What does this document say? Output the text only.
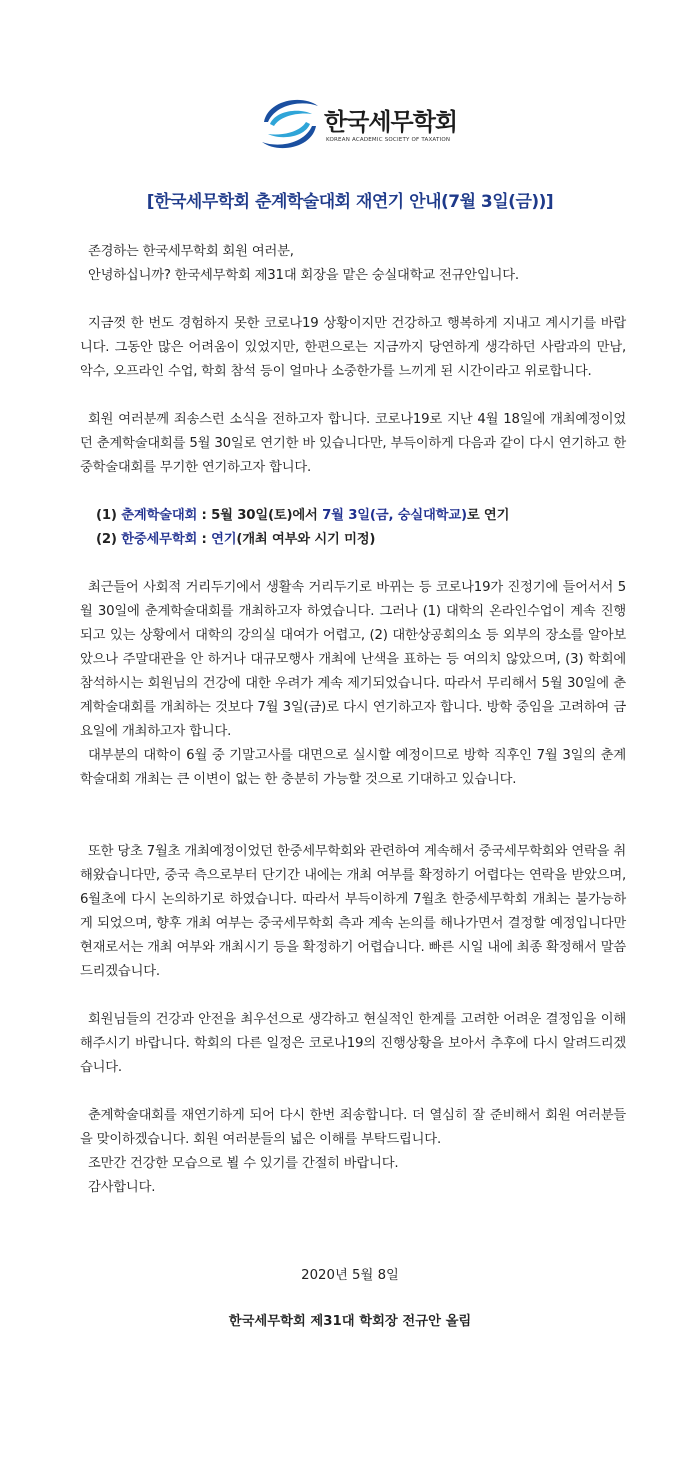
한국세무학회
KOREAN ACADEMIC SOCIETY OF TAXATION
[한국세무학회 춘계학술대회 재연기 안내(7월 3일(금))]

존경하는 한국세무학회 회원 여러분,

안녕하십니까? 한국세무학회 제31대 회장을 맡은 숭실대학교 전규안입니다.

지금껏 한 번도 경험하지 못한 코로나19 상황이지만 건강하고 행복하게 지내고 계시기를 바랍니다. 그동안 많은 어려움이 있었지만, 한편으로는 지금까지 당연하게 생각하던 사람과의 만남, 악수, 오프라인 수업, 학회 참석 등이 얼마나 소중한가를 느끼게 된 시간이라고 위로합니다.

회원 여러분께 죄송스런 소식을 전하고자 합니다. 코로나19로 지난 4월 18일에 개최예정이었던 춘계학술대회를 5월 30일로 연기한 바 있습니다만, 부득이하게 다음과 같이 다시 연기하고 한중학술대회를 무기한 연기하고자 합니다.

(1) 춘계학술대회 : 5월 30일(토)에서 7월 3일(금, 숭실대학교)로 연기
(2) 한중세무학회 : 연기(개최 여부와 시기 미정)

최근들어 사회적 거리두기에서 생활속 거리두기로 바뀌는 등 코로나19가 진정기에 들어서서 5월 30일에 춘계학술대회를 개최하고자 하였습니다. 그러나 (1) 대학의 온라인수업이 계속 진행되고 있는 상황에서 대학의 강의실 대여가 어렵고, (2) 대한상공회의소 등 외부의 장소를 알아보았으나 주말대관을 안 하거나 대규모행사 개최에 난색을 표하는 등 여의치 않았으며, (3) 학회에 참석하시는 회원님의 건강에 대한 우려가 계속 제기되었습니다. 따라서 무리해서 5월 30일에 춘계학술대회를 개최하는 것보다 7월 3일(금)로 다시 연기하고자 합니다. 방학 중임을 고려하여 금요일에 개최하고자 합니다.

대부분의 대학이 6월 중 기말고사를 대면으로 실시할 예정이므로 방학 직후인 7월 3일의 춘계학술대회 개최는 큰 이변이 없는 한 충분히 가능할 것으로 기대하고 있습니다.

또한 당초 7월초 개최예정이었던 한중세무학회와 관련하여 계속해서 중국세무학회와 연락을 취해왔습니다만, 중국 측으로부터 단기간 내에는 개최 여부를 확정하기 어렵다는 연락을 받았으며, 6월초에 다시 논의하기로 하였습니다. 따라서 부득이하게 7월초 한중세무학회 개최는 불가능하게 되었으며, 향후 개최 여부는 중국세무학회 측과 계속 논의를 해나가면서 결정할 예정입니다만 현재로서는 개최 여부와 개최시기 등을 확정하기 어렵습니다. 빠른 시일 내에 최종 확정해서 말씀드리겠습니다.

회원님들의 건강과 안전을 최우선으로 생각하고 현실적인 한계를 고려한 어려운 결정임을 이해해주시기 바랍니다. 학회의 다른 일정은 코로나19의 진행상황을 보아서 추후에 다시 알려드리겠습니다.

춘계학술대회를 재연기하게 되어 다시 한번 죄송합니다. 더 열심히 잘 준비해서 회원 여러분들을 맞이하겠습니다. 회원 여러분들의 넓은 이해를 부탁드립니다.

조만간 건강한 모습으로 뵐 수 있기를 간절히 바랍니다.

감사합니다.

2020년 5월 8일
한국세무학회 제31대 학회장 전규안 올림
